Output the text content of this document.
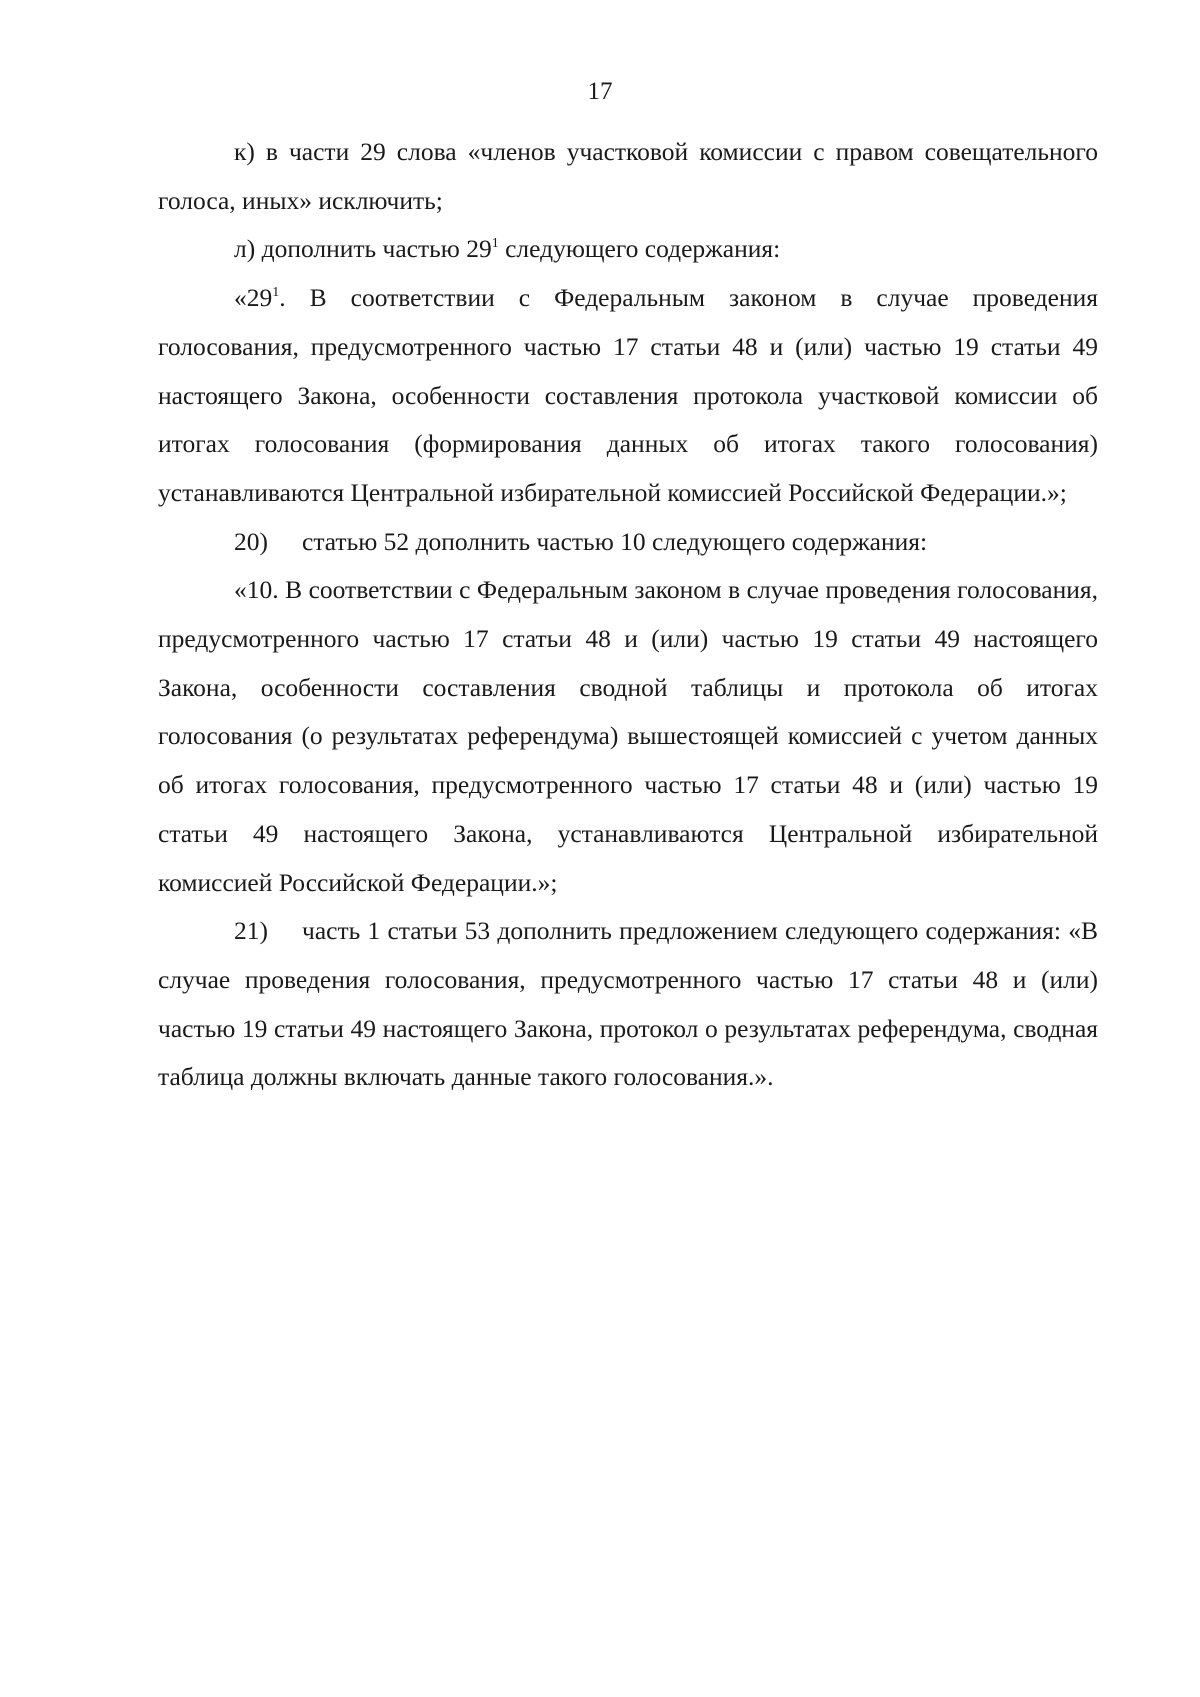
17

к) в части 29 слова «членов участковой комиссии с правом совещательного голоса, иных» исключить;

л) дополнить частью $29^1$ следующего содержания:

«$29^1$. В соответствии с Федеральным законом в случае проведения голосования, предусмотренного частью 17 статьи 48 и (или) частью 19 статьи 49 настоящего Закона, особенности составления протокола участковой комиссии об итогах голосования (формирования данных об итогах такого голосования) устанавливаются Центральной избирательной комиссией Российской Федерации.»;

20) статью 52 дополнить частью 10 следующего содержания:

«10. В соответствии с Федеральным законом в случае проведения голосования, предусмотренного частью 17 статьи 48 и (или) частью 19 статьи 49 настоящего Закона, особенности составления сводной таблицы и протокола об итогах голосования (о результатах референдума) вышестоящей комиссией с учетом данных об итогах голосования, предусмотренного частью 17 статьи 48 и (или) частью 19 статьи 49 настоящего Закона, устанавливаются Центральной избирательной комиссией Российской Федерации.»;

21) часть 1 статьи 53 дополнить предложением следующего содержания: «В случае проведения голосования, предусмотренного частью 17 статьи 48 и (или) частью 19 статьи 49 настоящего Закона, протокол о результатах референдума, сводная таблица должны включать данные такого голосования.».
